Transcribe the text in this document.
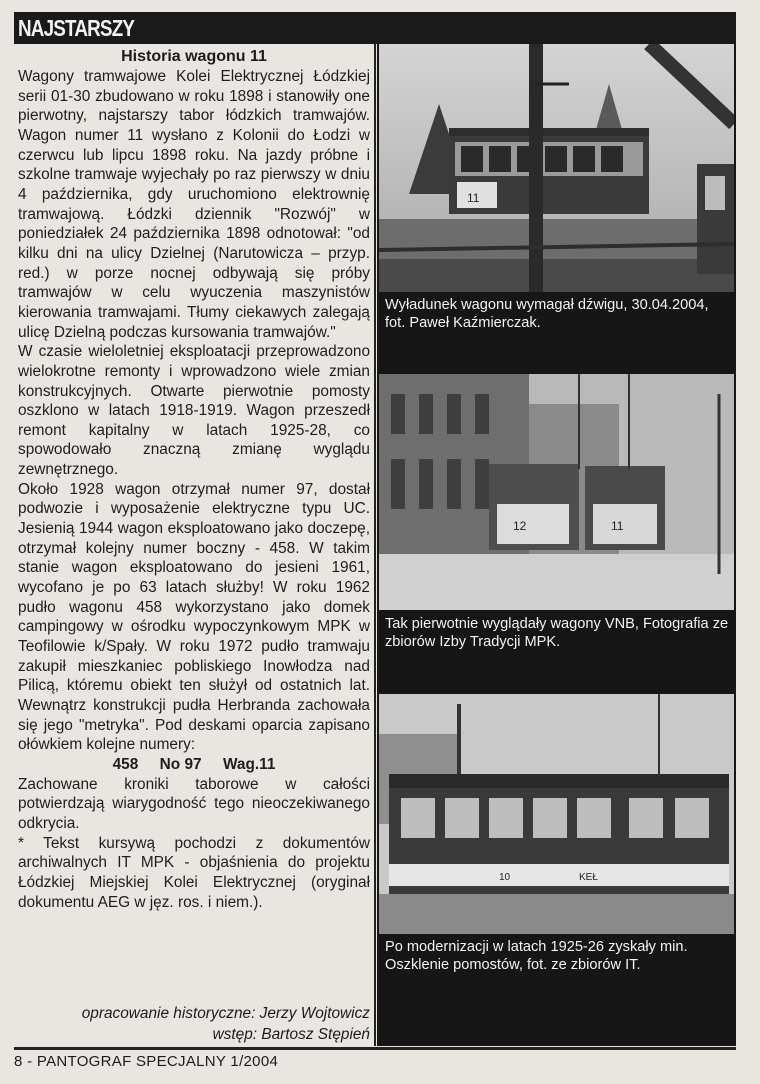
NAJSTARSZY
Historia wagonu 11

Wagony tramwajowe Kolei Elektrycznej Łódzkiej serii 01-30 zbudowano w roku 1898 i stanowiły one pierwotny, najstarszy tabor łódzkich tramwajów. Wagon numer 11 wysłano z Kolonii do Łodzi w czerwcu lub lipcu 1898 roku. Na jazdy próbne i szkolne tramwaje wyjechały po raz pierwszy w dniu 4 października, gdy uruchomiono elektrownię tramwajową. Łódzki dziennik "Rozwój" w poniedziałek 24 października 1898 odnotował: "od kilku dni na ulicy Dzielnej (Narutowicza – przyp. red.) w porze nocnej odbywają się próby tramwajów w celu wyuczenia maszynistów kierowania tramwajami. Tłumy ciekawych zalegają ulicę Dzielną podczas kursowania tramwajów."

W czasie wieloletniej eksploatacji przeprowadzono wielokrotne remonty i wprowadzono wiele zmian konstrukcyjnych. Otwarte pierwotnie pomosty oszklono w latach 1918-1919. Wagon przeszedł remont kapitalny w latach 1925-28, co spowodowało znaczną zmianę wyglądu zewnętrznego.

Około 1928 wagon otrzymał numer 97, dostał podwozie i wyposażenie elektryczne typu UC. Jesienią 1944 wagon eksploatowano jako doczepę, otrzymał kolejny numer boczny - 458. W takim stanie wagon eksploatowano do jesieni 1961, wycofano je po 63 latach służby! W roku 1962 pudło wagonu 458 wykorzystano jako domek campingowy w ośrodku wypoczynkowym MPK w Teofilowie k/Spały. W roku 1972 pudło tramwaju zakupił mieszkaniec pobliskiego Inowłodza nad Pilicą, któremu obiekt ten służył od ostatnich lat. Wewnątrz konstrukcji pudła Herbranda zachowała się jego "metryka". Pod deskami oparcia zapisano ołówkiem kolejne numery:

458     No 97     Wag.11

Zachowane kroniki taborowe w całości potwierdzają wiarygodność tego nieoczekiwanego odkrycia.

* Tekst kursywą pochodzi z dokumentów archiwalnych IT MPK - objaśnienia do projektu Łódzkiej Miejskiej Kolei Elektrycznej (oryginał dokumentu AEG w jęz. ros. i niem.).

opracowanie historyczne: Jerzy Wojtowicz
wstęp: Bartosz Stępień
11
Wyładunek wagonu wymagał dźwigu, 30.04.2004, fot. Paweł Kaźmierczak.
12	11
Tak pierwotnie wyglądały wagony VNB, Fotografia ze zbiorów Izby Tradycji MPK.
10	KEŁ
Po modernizacji w latach 1925-26 zyskały min. Oszklenie pomostów, fot. ze zbiorów IT.
8 - PANTOGRAF SPECJALNY 1/2004
